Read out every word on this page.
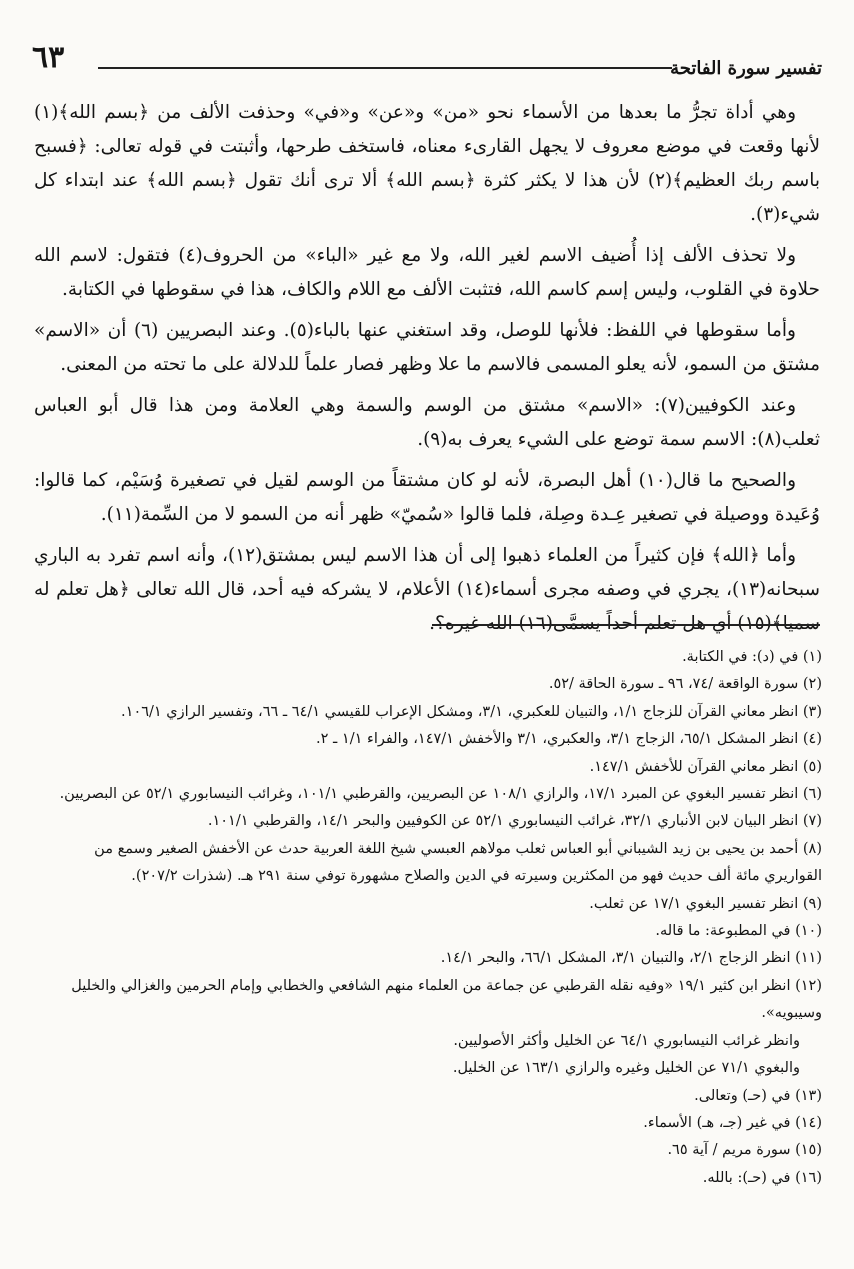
٦٣	تفسير سورة الفاتحة

وهي أداة تجرُّ ما بعدها من الأسماء نحو «من» و«عن» و«في» وحذفت الألف من ﴿بسم الله﴾(١) لأنها وقعت في موضع معروف لا يجهل القارىء معناه، فاستخف طرحها، وأثبتت في قوله تعالى: ﴿فسبح باسم ربك العظيم﴾(٢) لأن هذا لا يكثر كثرة ﴿بسم الله﴾ ألا ترى أنك تقول ﴿بسم الله﴾ عند ابتداء كل شيء(٣).

ولا تحذف الألف إذا أُضيف الاسم لغير الله، ولا مع غير «الباء» من الحروف(٤) فتقول: لاسم الله حلاوة في القلوب، وليس إسم كاسم الله، فتثبت الألف مع اللام والكاف، هذا في سقوطها في الكتابة.

وأما سقوطها في اللفظ: فلأنها للوصل، وقد استغني عنها بالباء(٥). وعند البصريين (٦) أن «الاسم» مشتق من السمو، لأنه يعلو المسمى فالاسم ما علا وظهر فصار علماً للدلالة على ما تحته من المعنى.

وعند الكوفيين(٧): «الاسم» مشتق من الوسم والسمة وهي العلامة ومن هذا قال أبو العباس ثعلب(٨): الاسم سمة توضع على الشيء يعرف به(٩).

والصحيح ما قال(١٠) أهل البصرة، لأنه لو كان مشتقاً من الوسم لقيل في تصغيرة وُسَيْم، كما قالوا: وُعَيدة ووصيلة في تصغير عِـدة وصِلة، فلما قالوا «سُميّ» ظهر أنه من السمو لا من السِّمة(١١).

وأما ﴿الله﴾ فإن كثيراً من العلماء ذهبوا إلى أن هذا الاسم ليس بمشتق(١٢)، وأنه اسم تفرد به الباري سبحانه(١٣)، يجري في وصفه مجرى أسماء(١٤) الأعلام، لا يشركه فيه أحد، قال الله تعالى ﴿هل تعلم له سميا﴾(١٥) أي هل تعلم أحداً يسمَّى(١٦) الله غيره؟.

(١) في (د): في الكتابة.

(٢) سورة الواقعة /٧٤، ٩٦ ـ سورة الحاقة /٥٢.

(٣) انظر معاني القرآن للزجاج ١/١، والتبيان للعكبري، ٣/١، ومشكل الإعراب للقيسي ٦٤/١ ـ ٦٦، وتفسير الرازي ١٠٦/١.

(٤) انظر المشكل ٦٥/١، الزجاج ٣/١، والعكبري، ٣/١ والأخفش ١٤٧/١، والفراء ١/١ ـ ٢.

(٥) انظر معاني القرآن للأخفش ١٤٧/١.

(٦) انظر تفسير البغوي عن المبرد ١٧/١، والرازي ١٠٨/١ عن البصريين، والقرطبي ١٠١/١، وغرائب النيسابوري ٥٢/١ عن البصريين.

(٧) انظر البيان لابن الأنباري ٣٢/١، غرائب النيسابوري ٥٢/١ عن الكوفيين والبحر ١٤/١، والقرطبي ١٠١/١.

(٨) أحمد بن يحيى بن زيد الشيباني أبو العباس ثعلب مولاهم العبسي شيخ اللغة العربية حدث عن الأخفش الصغير وسمع من القواريري مائة ألف حديث فهو من المكثرين وسيرته في الدين والصلاح مشهورة توفي سنة ٢٩١ هـ. (شذرات ٢٠٧/٢).

(٩) انظر تفسير البغوي ١٧/١ عن ثعلب.

(١٠) في المطبوعة: ما قاله.

(١١) انظر الزجاج ٢/١، والتبيان ٣/١، المشكل ٦٦/١، والبحر ١٤/١.

(١٢) انظر ابن كثير ١٩/١ «وفيه نقله القرطبي عن جماعة من العلماء منهم الشافعي والخطابي وإمام الحرمين والغزالي والخليل وسيبويه».

وانظر غرائب النيسابوري ٦٤/١ عن الخليل وأكثر الأصوليين.

والبغوي ٧١/١ عن الخليل وغيره والرازي ١٦٣/١ عن الخليل.

(١٣) في (حـ) وتعالى.

(١٤) في غير (جـ، هـ) الأسماء.

(١٥) سورة مريم / آية ٦٥.

(١٦) في (حـ): بالله.
